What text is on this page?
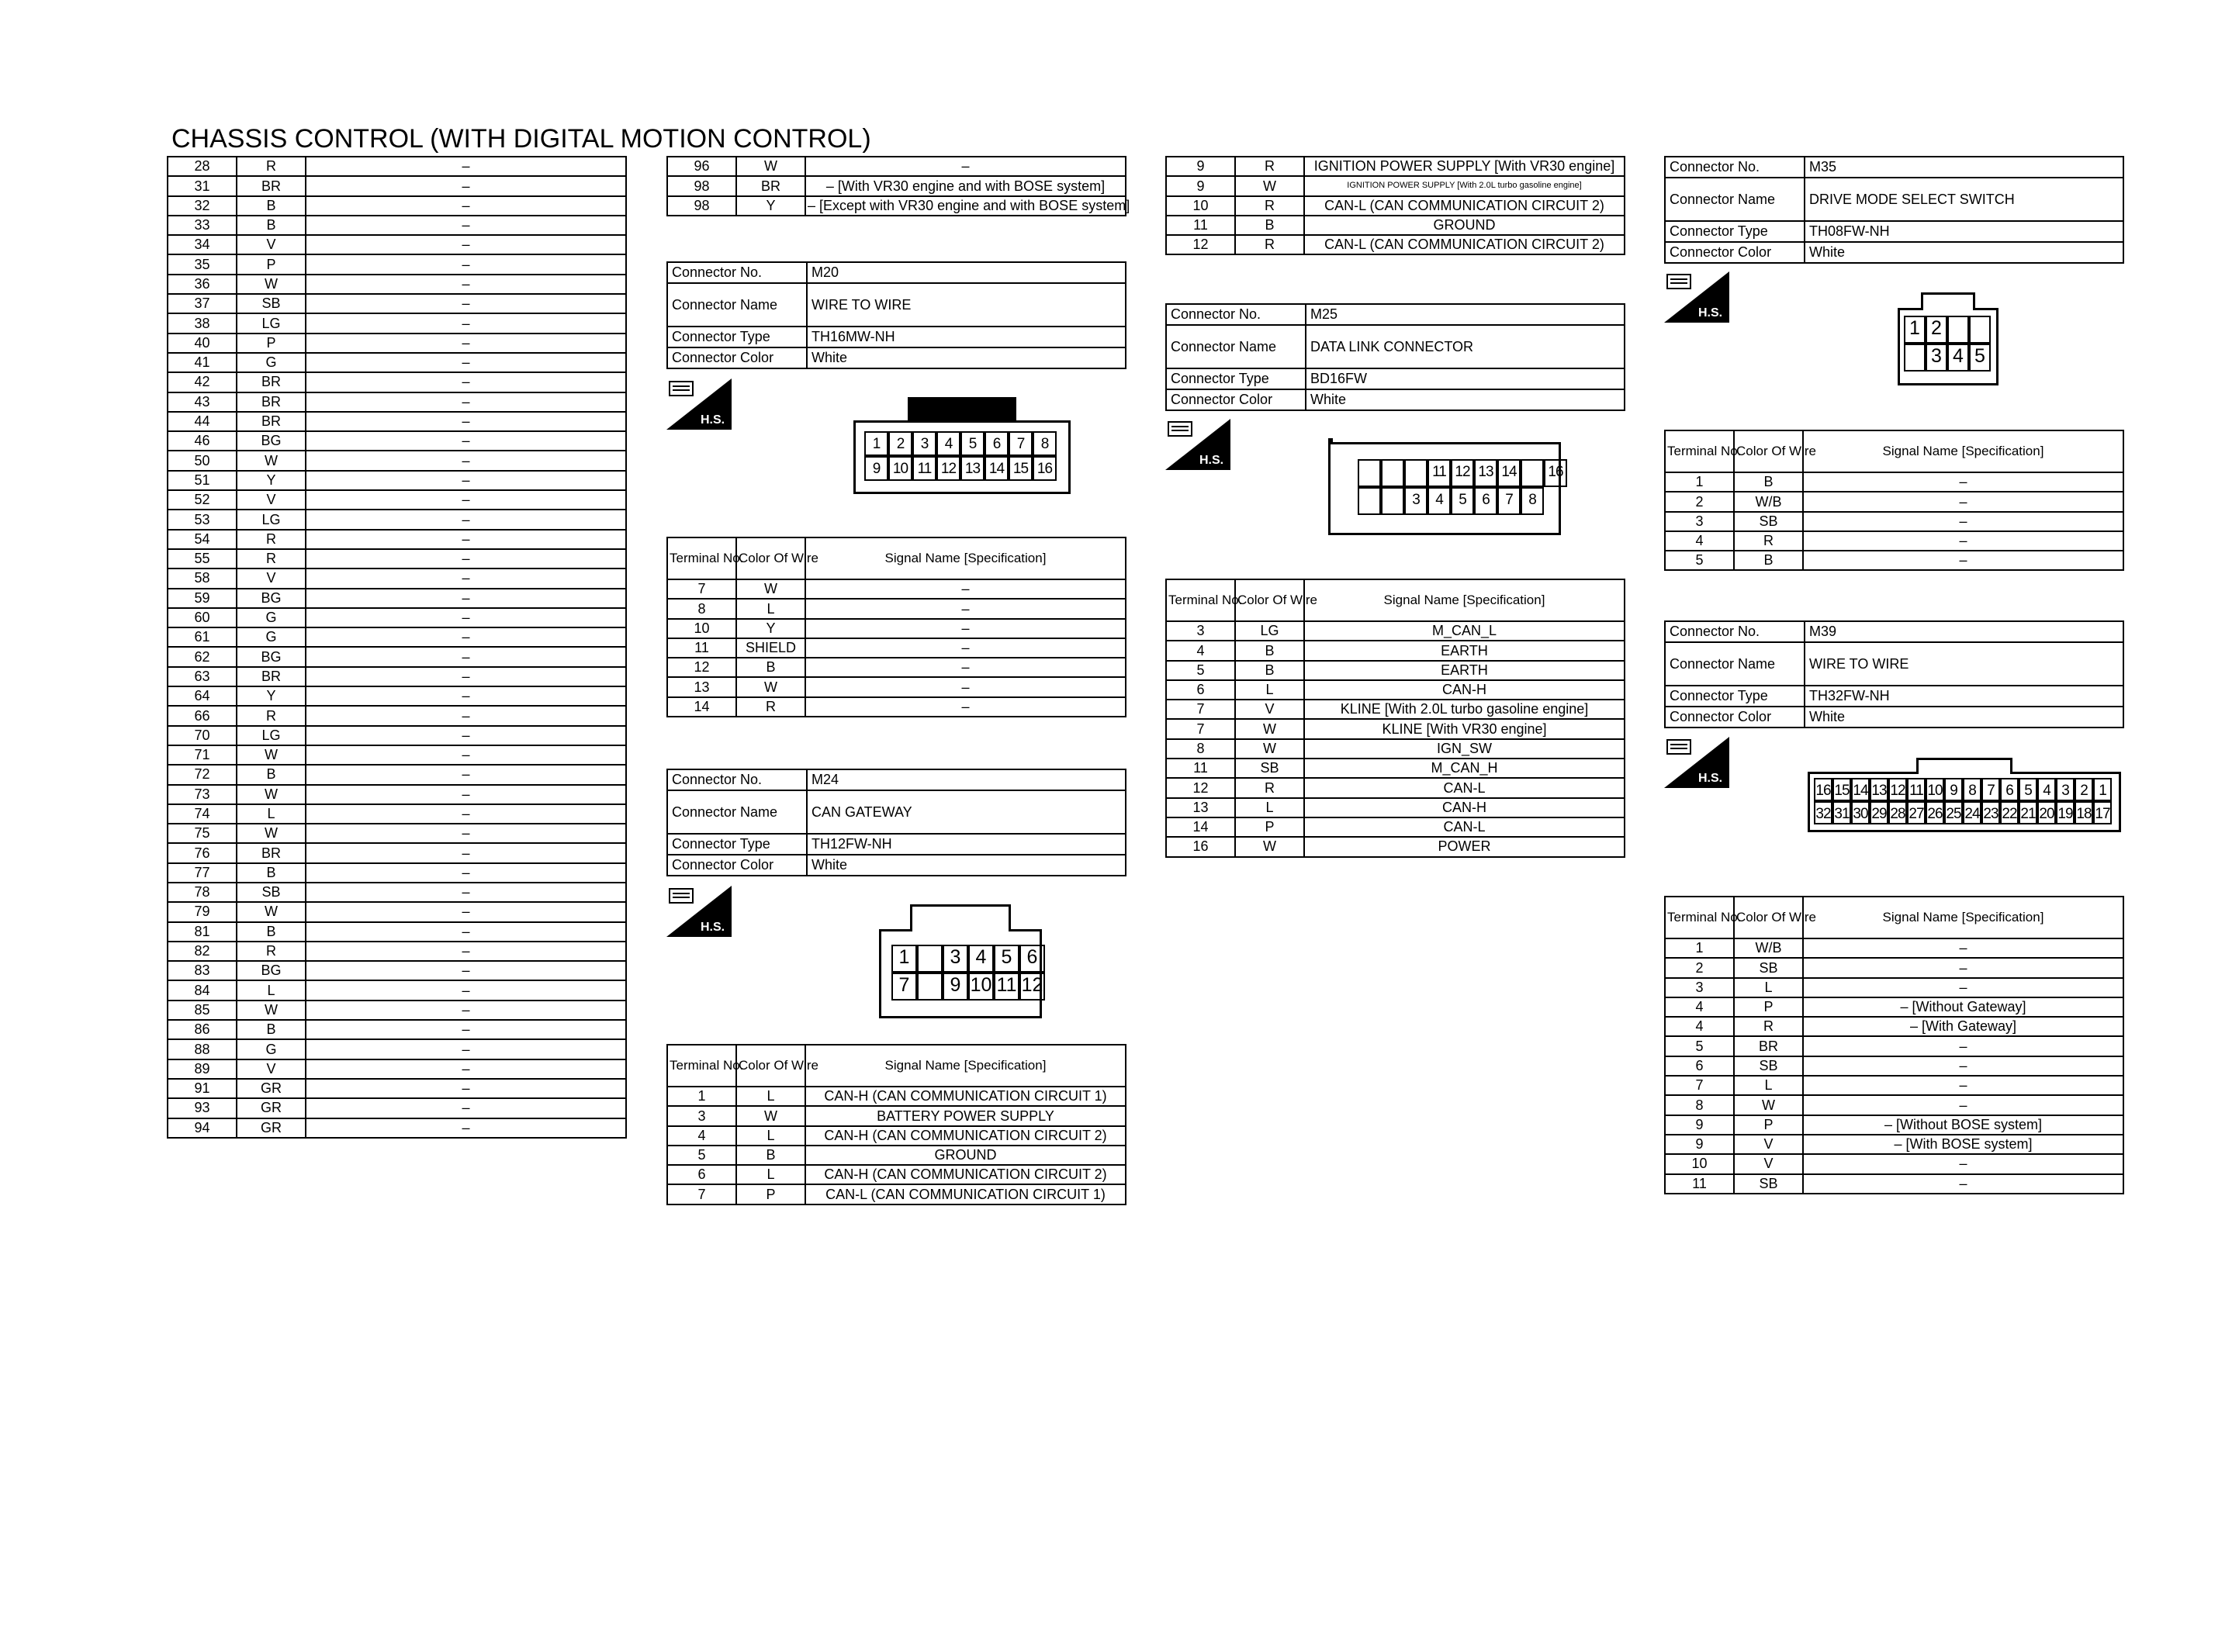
CHASSIS CONTROL (WITH DIGITAL MOTION CONTROL)
28	R	–
31	BR	–
32	B	–
33	B	–
34	V	–
35	P	–
36	W	–
37	SB	–
38	LG	–
40	P	–
41	G	–
42	BR	–
43	BR	–
44	BR	–
46	BG	–
50	W	–
51	Y	–
52	V	–
53	LG	–
54	R	–
55	R	–
58	V	–
59	BG	–
60	G	–
61	G	–
62	BG	–
63	BR	–
64	Y	–
66	R	–
70	LG	–
71	W	–
72	B	–
73	W	–
74	L	–
75	W	–
76	BR	–
77	B	–
78	SB	–
79	W	–
81	B	–
82	R	–
83	BG	–
84	L	–
85	W	–
86	B	–
88	G	–
89	V	–
91	GR	–
93	GR	–
94	GR	–
96	W	–
98	BR	– [With VR30 engine and with BOSE system]
98	Y	– [Except with VR30 engine and with BOSE system]
Connector No.	M20
Connector Name	WIRE TO WIRE
Connector Type	TH16MW-NH
Connector Color	White
H.S.
1	2	3	4	5	6	7	8
9 10 11 12 13 14 15 16
Terminal No.	Color Of Wire	Signal Name [Specification]
7	W	–
8	L	–
10	Y	–
11	SHIELD	–
12	B	–
13	W	–
14	R	–
Connector No.	M24
Connector Name	CAN GATEWAY
Connector Type	TH12FW-NH
Connector Color	White
H.S.
1	3 4 5 6
7	9 10 11 12
Terminal No.	Color Of Wire	Signal Name [Specification]
1	L	CAN-H (CAN COMMUNICATION CIRCUIT 1)
3	W	BATTERY POWER SUPPLY
4	L	CAN-H (CAN COMMUNICATION CIRCUIT 2)
5	B	GROUND
6	L	CAN-H (CAN COMMUNICATION CIRCUIT 2)
7	P	CAN-L (CAN COMMUNICATION CIRCUIT 1)
9	R	IGNITION POWER SUPPLY [With VR30 engine]
9	W	IGNITION POWER SUPPLY [With 2.0L turbo gasoline engine]
10	R	CAN-L (CAN COMMUNICATION CIRCUIT 2)
11	B	GROUND
12	R	CAN-L (CAN COMMUNICATION CIRCUIT 2)
Connector No.	M25
Connector Name	DATA LINK CONNECTOR
Connector Type	BD16FW
Connector Color	White
H.S.
11 12 13 14 16
3	4	5	6	7	8
Terminal No.	Color Of Wire	Signal Name [Specification]
3	LG	M_CAN_L
4	B	EARTH
5	B	EARTH
6	L	CAN-H
7	V	KLINE [With 2.0L turbo gasoline engine]
7	W	KLINE [With VR30 engine]
8	W	IGN_SW
11	SB	M_CAN_H
12	R	CAN-L
13	L	CAN-H
14	P	CAN-L
16	W	POWER
Connector No.	M35
Connector Name	DRIVE MODE SELECT SWITCH
Connector Type	TH08FW-NH
Connector Color	White
H.S.
1 2
3 4 5
Terminal No.	Color Of Wire	Signal Name [Specification]
1	B	–
2	W/B	–
3	SB	–
4	R	–
5	B	–
Connector No.	M39
Connector Name	WIRE TO WIRE
Connector Type	TH32FW-NH
Connector Color	White
H.S.
16 15 14 13 12 11 10 9 8 7 6 5 4 3 2 1
32 31 30 29 28 27 26 25 24 23 22 21 20 19 18 17
Terminal No.	Color Of Wire	Signal Name [Specification]
1	W/B	–
2	SB	–
3	L	–
4	P	– [Without Gateway]
4	R	– [With Gateway]
5	BR	–
6	SB	–
7	L	–
8	W	–
9	P	– [Without BOSE system]
9	V	– [With BOSE system]
10	V	–
11	SB	–
